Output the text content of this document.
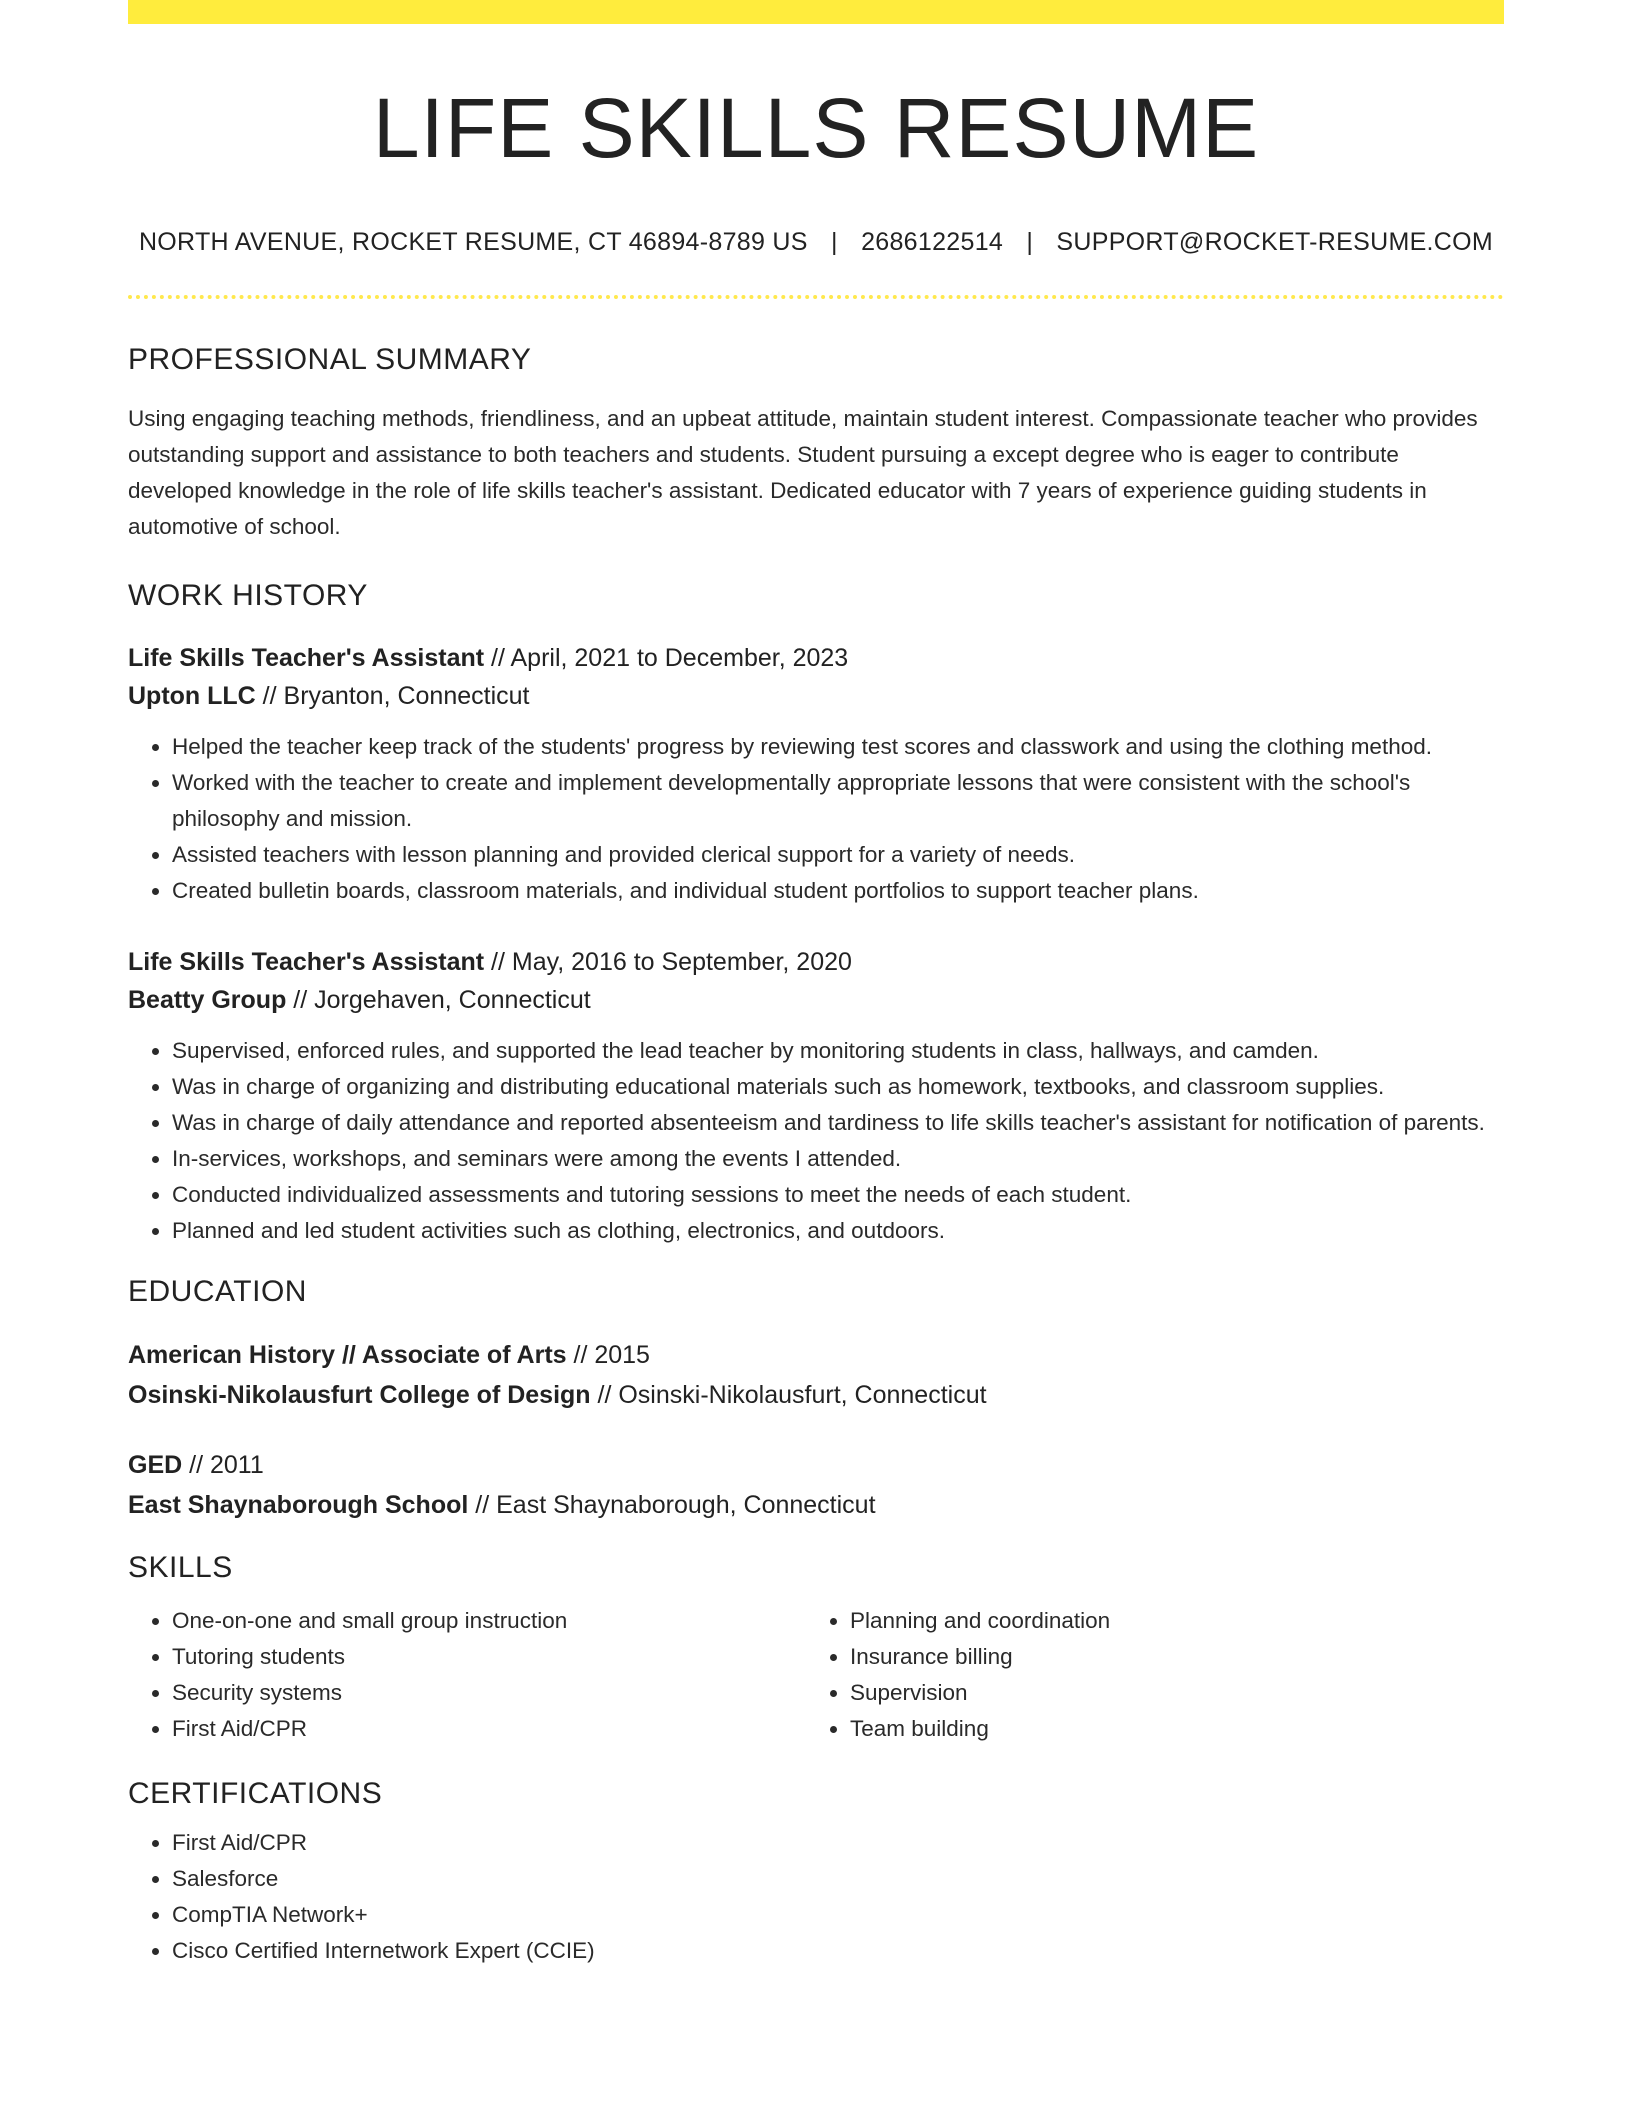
LIFE SKILLS RESUME
NORTH AVENUE, ROCKET RESUME, CT 46894-8789 US | 2686122514 | SUPPORT@ROCKET-RESUME.COM
PROFESSIONAL SUMMARY

Using engaging teaching methods, friendliness, and an upbeat attitude, maintain student interest. Compassionate teacher who provides outstanding support and assistance to both teachers and students. Student pursuing a except degree who is eager to contribute developed knowledge in the role of life skills teacher's assistant. Dedicated educator with 7 years of experience guiding students in automotive of school.

WORK HISTORY
Life Skills Teacher's Assistant // April, 2021 to December, 2023
Upton LLC // Bryanton, Connecticut
• Helped the teacher keep track of the students' progress by reviewing test scores and classwork and using the clothing method.
• Worked with the teacher to create and implement developmentally appropriate lessons that were consistent with the school's philosophy and mission.
• Assisted teachers with lesson planning and provided clerical support for a variety of needs.
• Created bulletin boards, classroom materials, and individual student portfolios to support teacher plans.
Life Skills Teacher's Assistant // May, 2016 to September, 2020
Beatty Group // Jorgehaven, Connecticut
• Supervised, enforced rules, and supported the lead teacher by monitoring students in class, hallways, and camden.
• Was in charge of organizing and distributing educational materials such as homework, textbooks, and classroom supplies.
• Was in charge of daily attendance and reported absenteeism and tardiness to life skills teacher's assistant for notification of parents.
• In-services, workshops, and seminars were among the events I attended.
• Conducted individualized assessments and tutoring sessions to meet the needs of each student.
• Planned and led student activities such as clothing, electronics, and outdoors.
EDUCATION
American History // Associate of Arts // 2015
Osinski-Nikolausfurt College of Design // Osinski-Nikolausfurt, Connecticut
GED // 2011
East Shaynaborough School // East Shaynaborough, Connecticut
SKILLS
• One-on-one and small group instruction
• Tutoring students
• Security systems
• First Aid/CPR
• Planning and coordination
• Insurance billing
• Supervision
• Team building
CERTIFICATIONS
• First Aid/CPR
• Salesforce
• CompTIA Network+
• Cisco Certified Internetwork Expert (CCIE)
